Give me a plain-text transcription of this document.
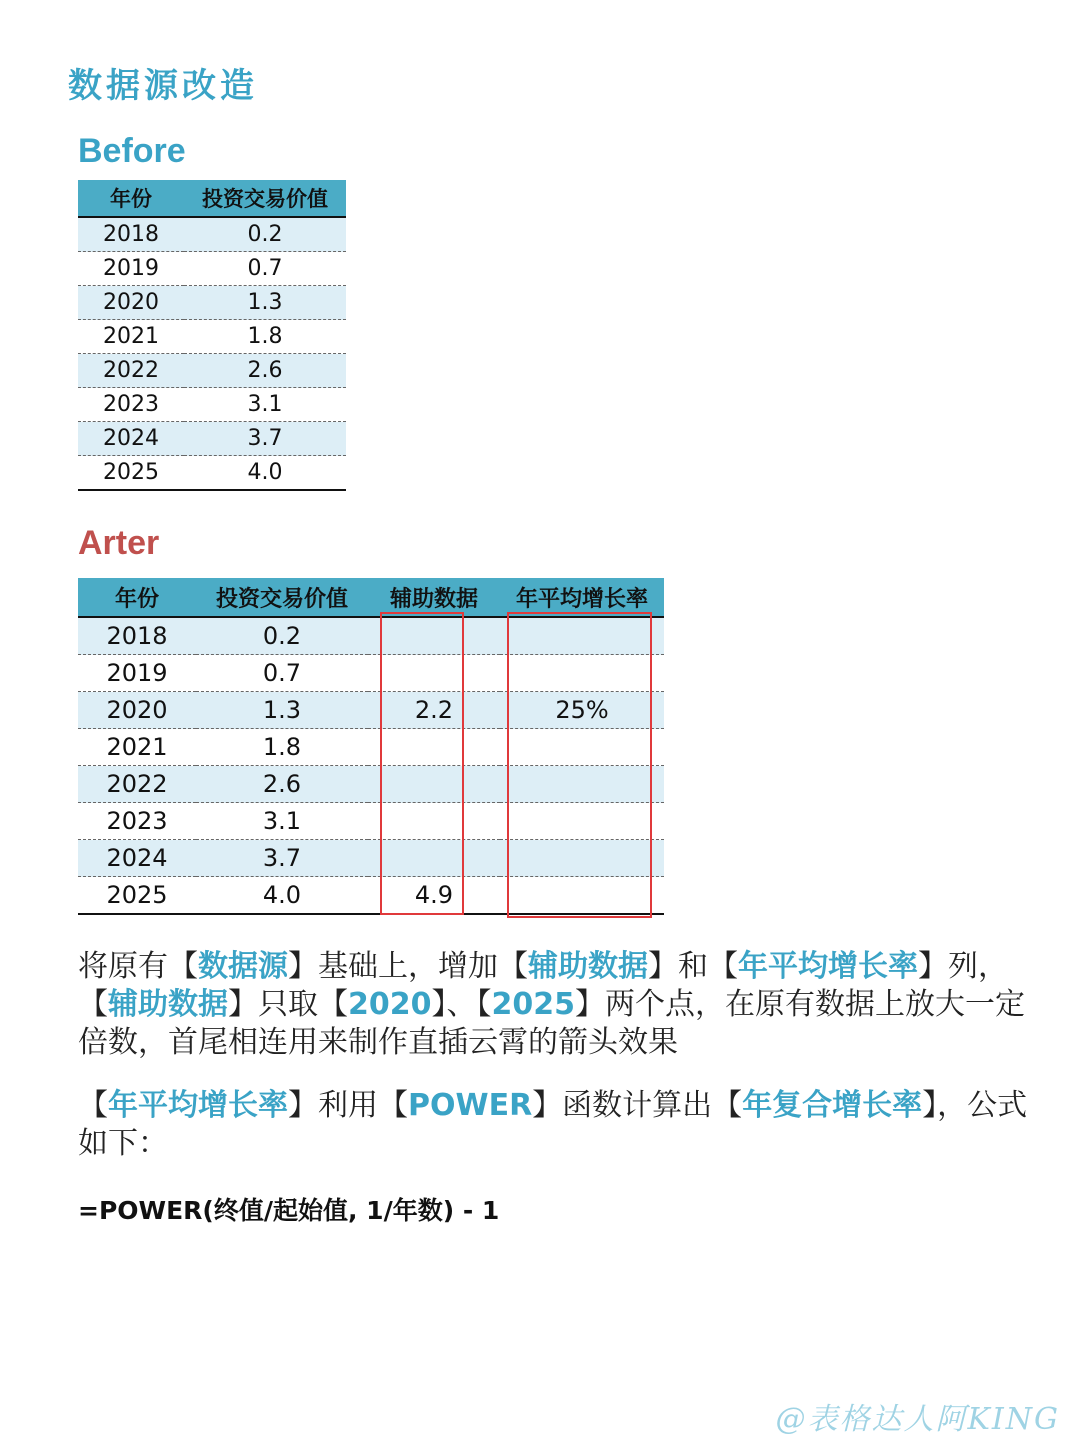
数据源改造
Before
年份	投资交易价值
2018	0.2
2019	0.7
2020	1.3
2021	1.8
2022	2.6
2023	3.1
2024	3.7
2025	4.0
Arter
年份	投资交易价值	辅助数据	年平均增长率
2018	0.2		
2019	0.7		
2020	1.3	2.2	25%
2021	1.8		
2022	2.6		
2023	3.1		
2024	3.7		
2025	4.0	4.9	
将原有【数据源】基础上，增加【辅助数据】和【年平均增长率】列，【辅助数据】只取【2020】、【2025】两个点，在原有数据上放大一定倍数，首尾相连用来制作直插云霄的箭头效果
【年平均增长率】利用【POWER】函数计算出【年复合增长率】，公式如下：
=POWER(终值/起始值, 1/年数) - 1
@表格达人阿KING
